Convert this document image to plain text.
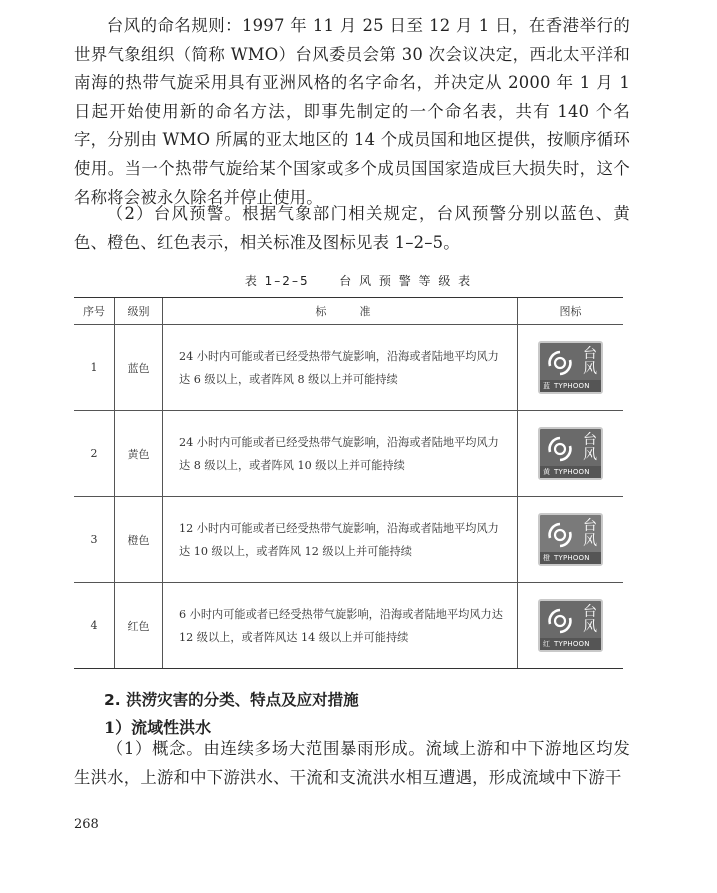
台风的命名规则：1997 年 11 月 25 日至 12 月 1 日，在香港举行的世界气象组织（简称 WMO）台风委员会第 30 次会议决定，西北太平洋和南海的热带气旋采用具有亚洲风格的名字命名，并决定从 2000 年 1 月 1 日起开始使用新的命名方法，即事先制定的一个命名表，共有 140 个名字，分别由 WMO 所属的亚太地区的 14 个成员国和地区提供，按顺序循环使用。当一个热带气旋给某个国家或多个成员国国家造成巨大损失时，这个名称将会被永久除名并停止使用。

（2）台风预警。根据气象部门相关规定，台风预警分别以蓝色、黄色、橙色、红色表示，相关标准及图标见表 1–2–5。

表 1–2–5 台 风 预 警 等 级 表
序号	级别	标　　　准	图标
1	蓝色	24 小时内可能或者已经受热带气旋影响，沿海或者陆地平均风力达 6 级以上，或者阵风 8 级以上并可能持续	台
风
蓝 TYPHOON

2	黄色	24 小时内可能或者已经受热带气旋影响，沿海或者陆地平均风力达 8 级以上，或者阵风 10 级以上并可能持续	台
风
黄 TYPHOON

3	橙色	12 小时内可能或者已经受热带气旋影响，沿海或者陆地平均风力达 10 级以上，或者阵风 12 级以上并可能持续	台
风
橙 TYPHOON

4	红色	6 小时内可能或者已经受热带气旋影响，沿海或者陆地平均风力达 12 级以上，或者阵风达 14 级以上并可能持续	台
风
红 TYPHOON
2. 洪涝灾害的分类、特点及应对措施
1）流域性洪水

（1）概念。由连续多场大范围暴雨形成。流域上游和中下游地区均发生洪水，上游和中下游洪水、干流和支流洪水相互遭遇，形成流域中下游干

268
